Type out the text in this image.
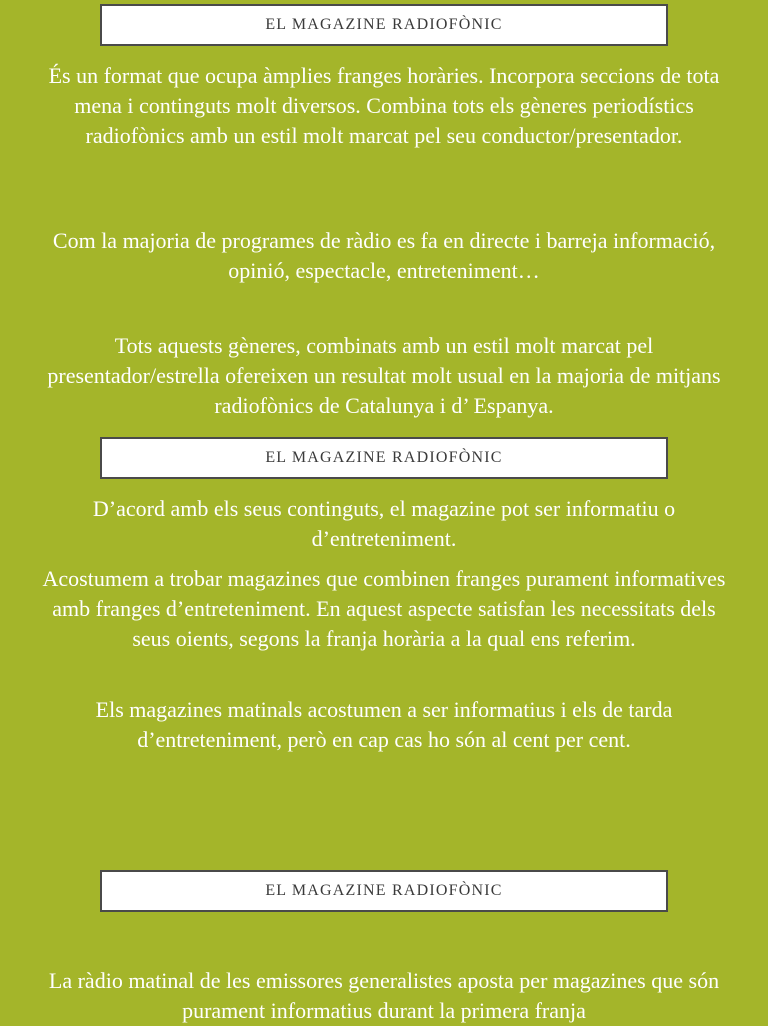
EL MAGAZINE RADIOFÒNIC
És un format que ocupa àmplies franges horàries. Incorpora seccions de tota mena i continguts molt diversos. Combina tots els gèneres periodístics radiofònics amb un estil molt marcat pel seu conductor/presentador.
Com la majoria de programes de ràdio es fa en directe i barreja informació, opinió, espectacle, entreteniment…
Tots aquests gèneres, combinats amb un estil molt marcat pel presentador/estrella ofereixen un resultat molt usual en la majoria de mitjans radiofònics de Catalunya i d’ Espanya.
EL MAGAZINE RADIOFÒNIC
D’acord amb els seus continguts, el magazine pot ser informatiu o d’entreteniment.
Acostumem a trobar magazines que combinen franges purament informatives amb franges d’entreteniment. En aquest aspecte satisfan les necessitats dels seus oients, segons la franja horària a la qual ens referim.
Els magazines matinals acostumen a ser informatius i els de tarda d’entreteniment, però en cap cas ho són al cent per cent.
EL MAGAZINE RADIOFÒNIC
La ràdio matinal de les emissores generalistes aposta per magazines que són purament informatius durant la primera franja
